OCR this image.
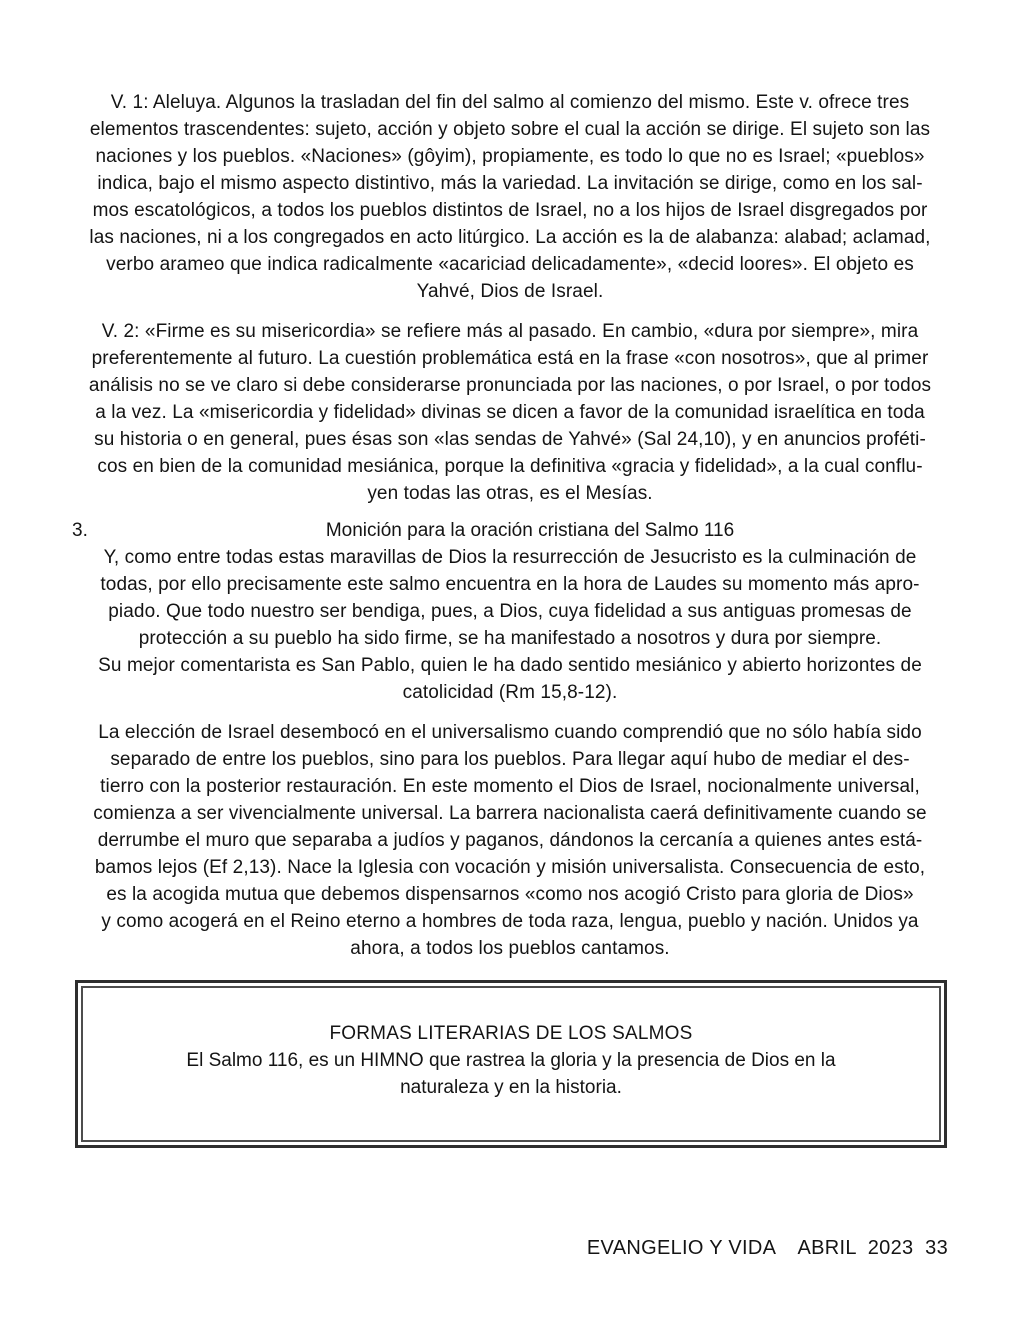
V. 1: Aleluya. Algunos la trasladan del fin del salmo al comienzo del mismo. Este v. ofrece tres
elementos trascendentes: sujeto, acción y objeto sobre el cual la acción se dirige. El sujeto son las
naciones y los pueblos. «Naciones» (gôyim), propiamente, es todo lo que no es Israel; «pueblos»
indica, bajo el mismo aspecto distintivo, más la variedad. La invitación se dirige, como en los sal-
mos escatológicos, a todos los pueblos distintos de Israel, no a los hijos de Israel disgregados por
las naciones, ni a los congregados en acto litúrgico. La acción es la de alabanza: alabad; aclamad,
verbo arameo que indica radicalmente «acariciad delicadamente», «decid loores». El objeto es
Yahvé, Dios de Israel.
V. 2: «Firme es su misericordia» se refiere más al pasado. En cambio, «dura por siempre», mira
preferentemente al futuro. La cuestión problemática está en la frase «con nosotros», que al primer
análisis no se ve claro si debe considerarse pronunciada por las naciones, o por Israel, o por todos
a la vez. La «misericordia y fidelidad» divinas se dicen a favor de la comunidad israelítica en toda
su historia o en general, pues ésas son «las sendas de Yahvé» (Sal 24,10), y en anuncios proféti-
cos en bien de la comunidad mesiánica, porque la definitiva «gracia y fidelidad», a la cual conflu-
yen todas las otras, es el Mesías.
3.	Monición para la oración cristiana del Salmo 116
Y, como entre todas estas maravillas de Dios la resurrección de Jesucristo es la culminación de
todas, por ello precisamente este salmo encuentra en la hora de Laudes su momento más apro-
piado. Que todo nuestro ser bendiga, pues, a Dios, cuya fidelidad a sus antiguas promesas de
protección a su pueblo ha sido firme, se ha manifestado a nosotros y dura por siempre.
Su mejor comentarista es San Pablo, quien le ha dado sentido mesiánico y abierto horizontes de
catolicidad (Rm 15,8-12).
La elección de Israel desembocó en el universalismo cuando comprendió que no sólo había sido
separado de entre los pueblos, sino para los pueblos. Para llegar aquí hubo de mediar el des-
tierro con la posterior restauración. En este momento el Dios de Israel, nocionalmente universal,
comienza a ser vivencialmente universal. La barrera nacionalista caerá definitivamente cuando se
derrumbe el muro que separaba a judíos y paganos, dándonos la cercanía a quienes antes está-
bamos lejos (Ef 2,13). Nace la Iglesia con vocación y misión universalista. Consecuencia de esto,
es la acogida mutua que debemos dispensarnos «como nos acogió Cristo para gloria de Dios»
y como acogerá en el Reino eterno a hombres de toda raza, lengua, pueblo y nación. Unidos ya
ahora, a todos los pueblos cantamos.
FORMAS LITERARIAS DE LOS SALMOS
El Salmo 116, es un HIMNO que rastrea la gloria y la presencia de Dios en la
naturaleza y en la historia.
EVANGELIO Y VIDA    ABRIL  2023  33
